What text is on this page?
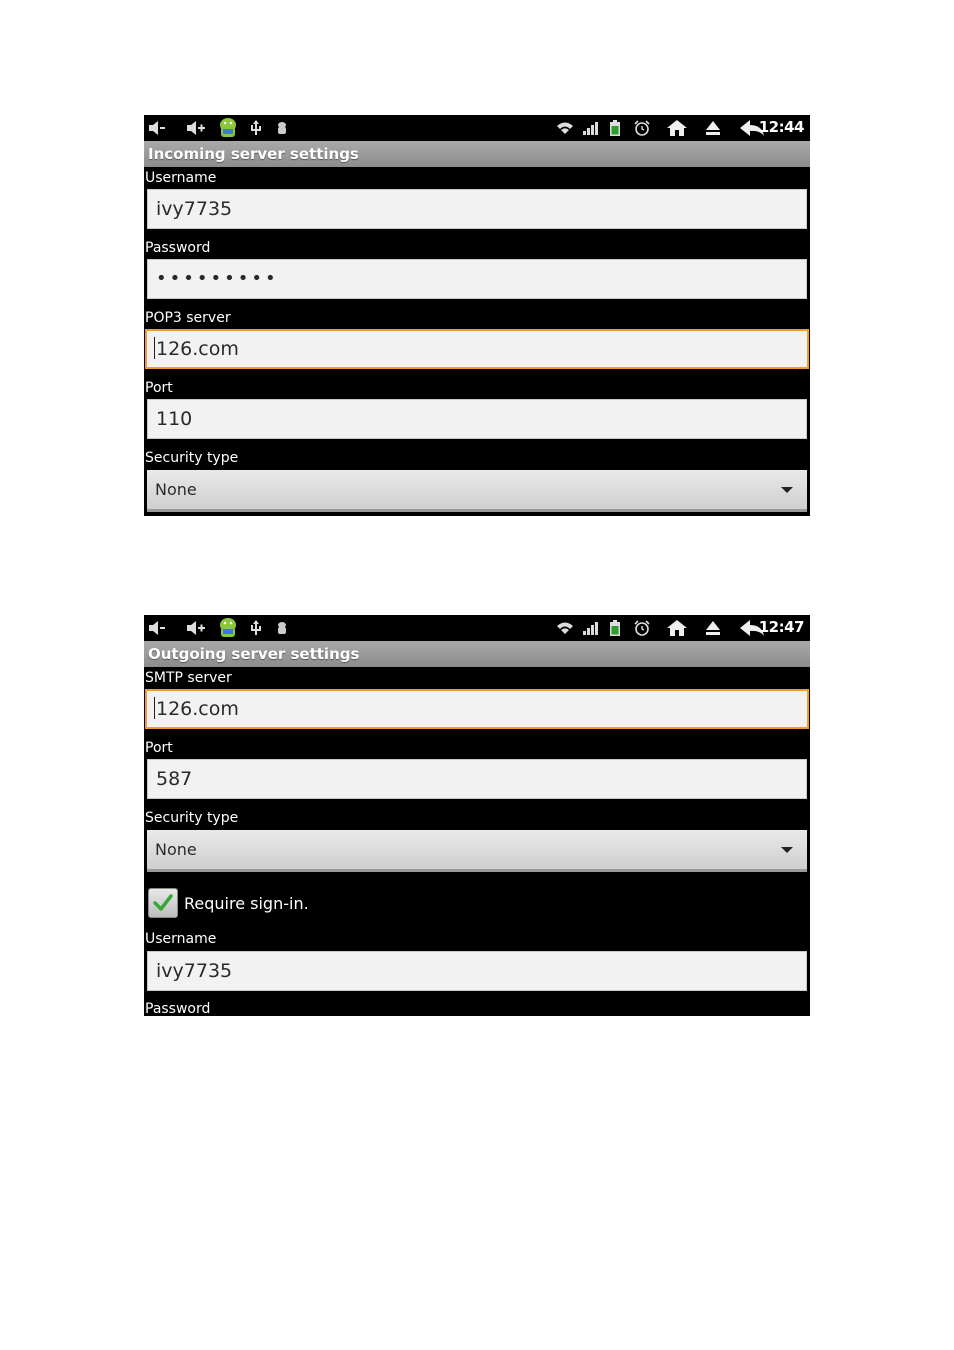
12:44
Incoming server settings
Username
ivy7735
Password
•••••••••
POP3 server
126.com
Port
110
Security type
None
12:47
Outgoing server settings
SMTP server
126.com
Port
587
Security type
None
Require sign-in.
Username
ivy7735
Password
